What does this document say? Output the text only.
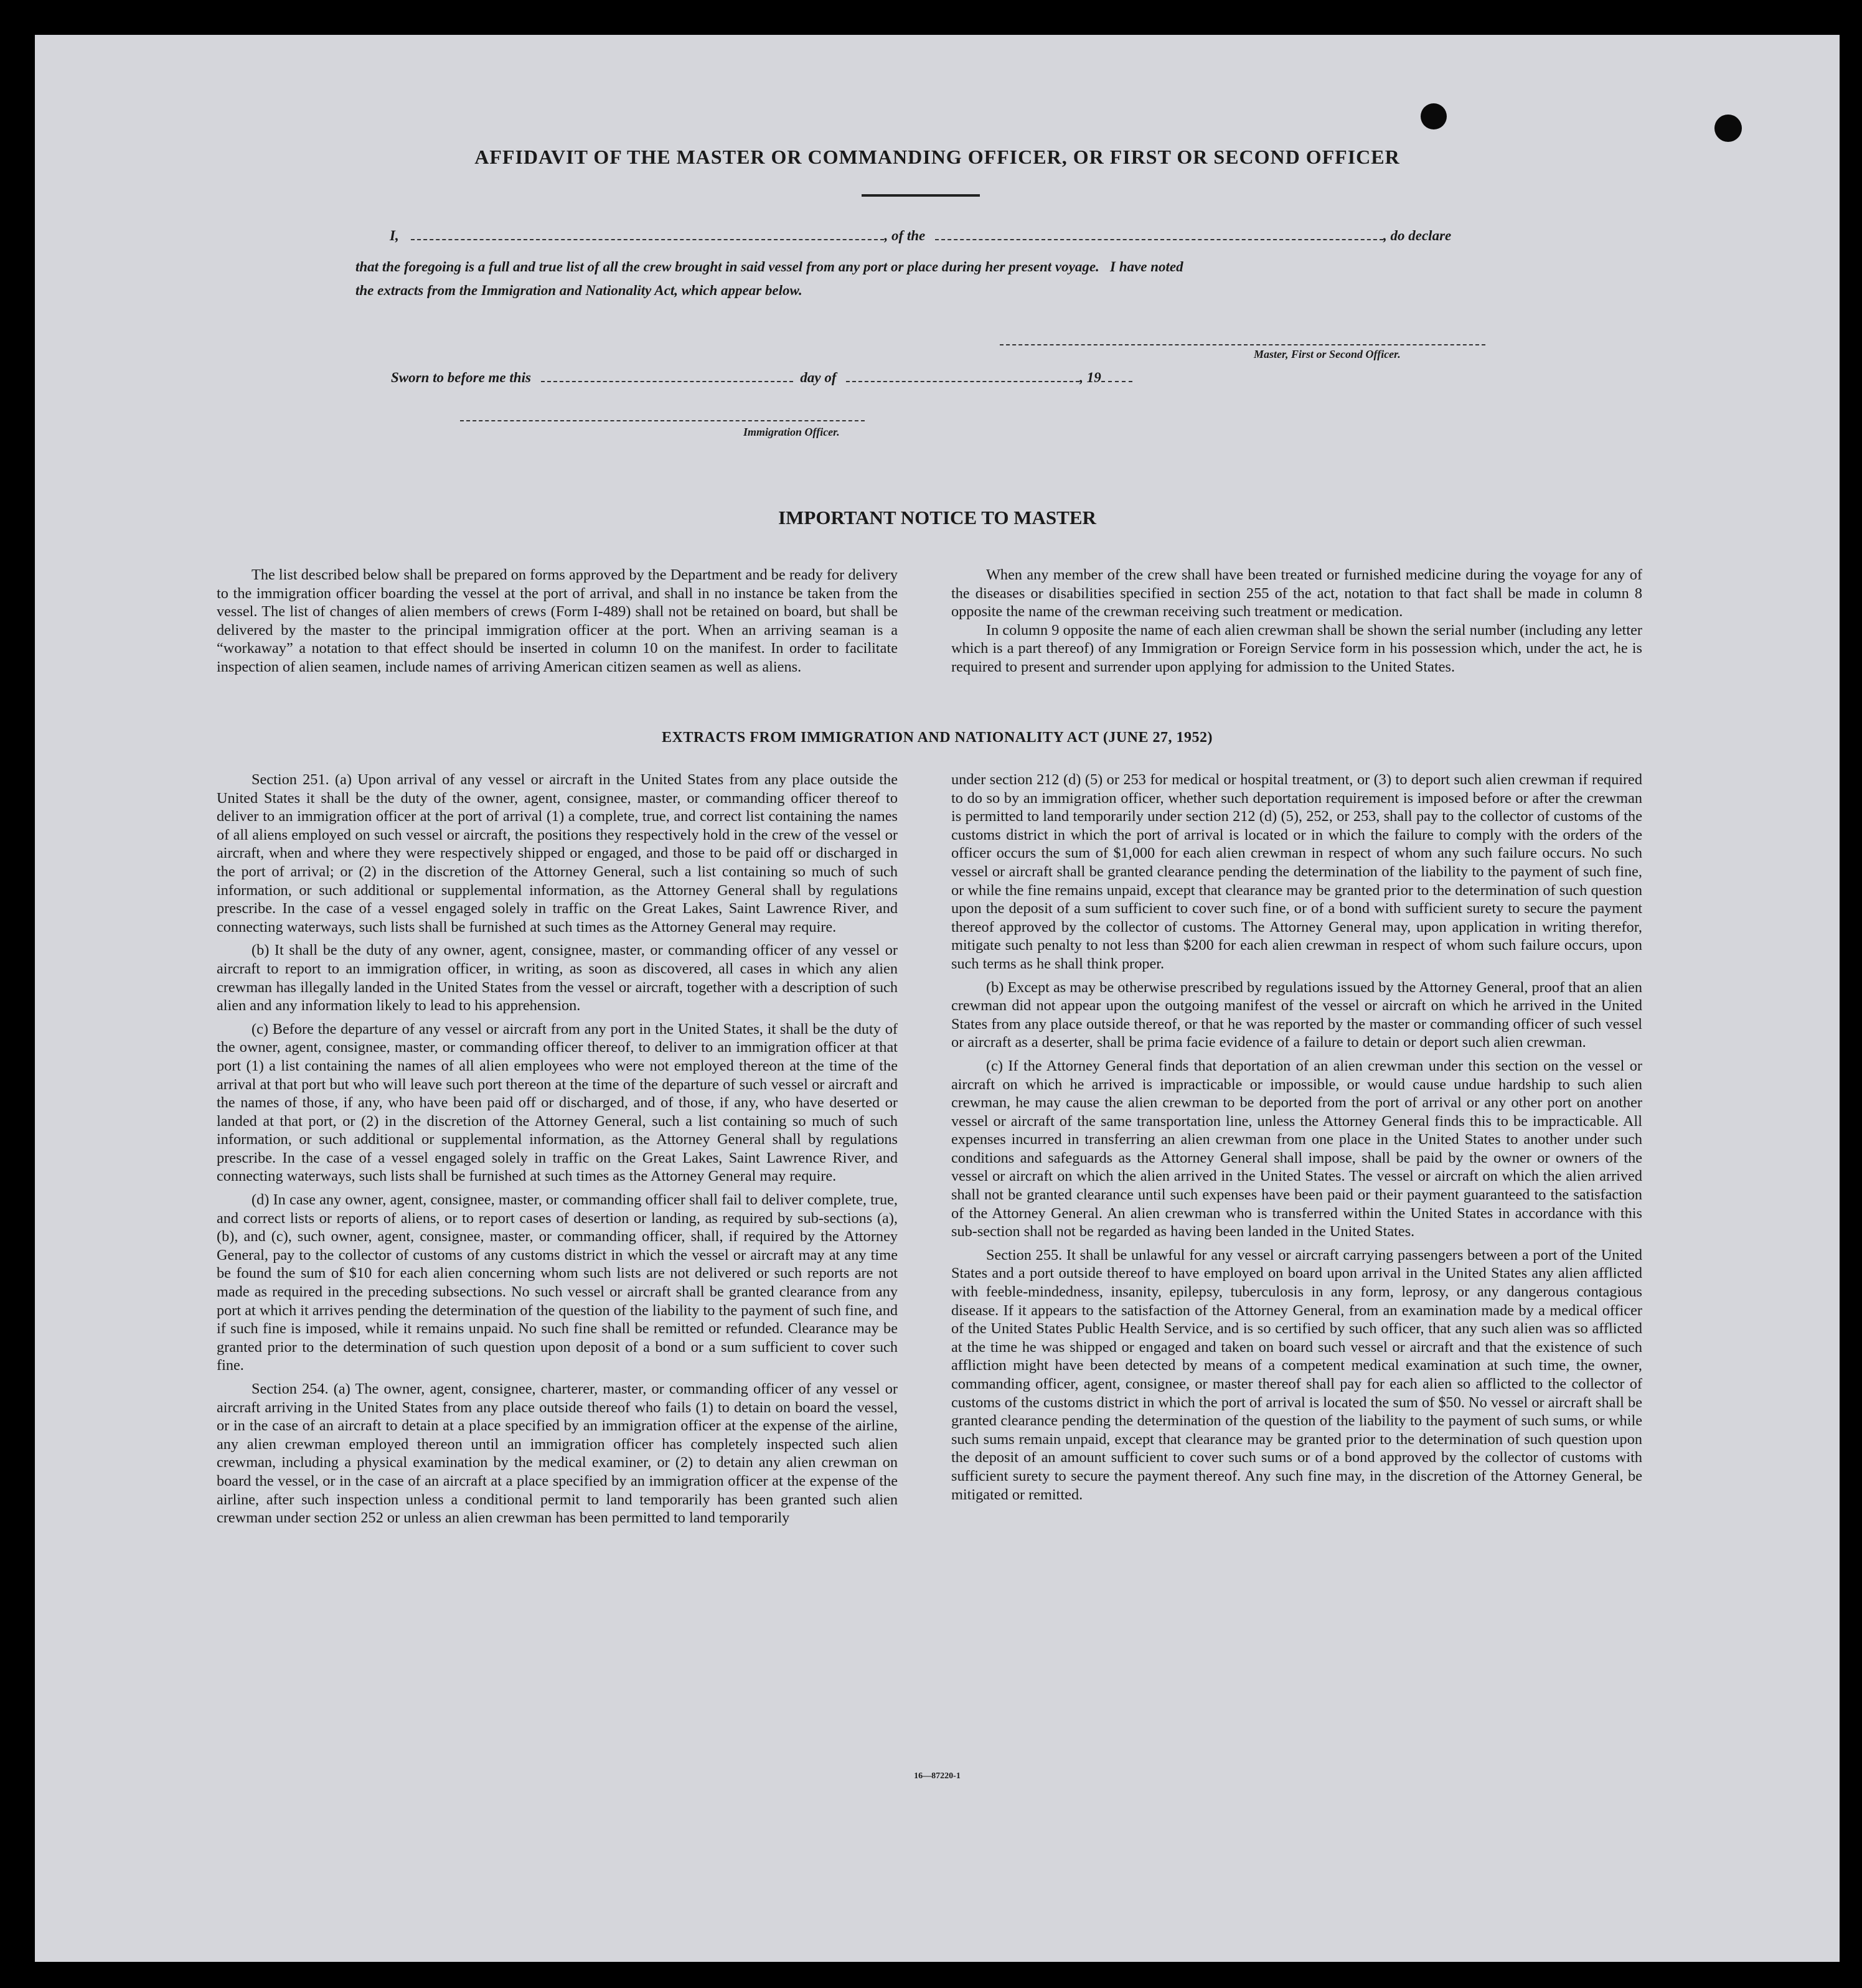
AFFIDAVIT OF THE MASTER OR COMMANDING OFFICER, OR FIRST OR SECOND OFFICER
I,	, of the	, do declare
that the foregoing is a full and true list of all the crew brought in said vessel from any port or place during her present voyage.   I have noted
the extracts from the Immigration and Nationality Act, which appear below.
Master, First or Second Officer.
Sworn to before me this	day of	, 19
Immigration Officer.
IMPORTANT NOTICE TO MASTER

The list described below shall be prepared on forms approved by the Department and be ready for delivery to the immigration officer boarding the vessel at the port of arrival, and shall in no instance be taken from the vessel. The list of changes of alien members of crews (Form I-489) shall not be retained on board, but shall be delivered by the master to the principal immigration officer at the port. When an arriving seaman is a “workaway” a notation to that effect should be inserted in column 10 on the manifest. In order to facilitate inspection of alien seamen, include names of arriving American citizen seamen as well as aliens.

When any member of the crew shall have been treated or furnished medicine during the voyage for any of the diseases or disabilities specified in section 255 of the act, notation to that fact shall be made in column 8 opposite the name of the crewman receiving such treatment or medication.

In column 9 opposite the name of each alien crewman shall be shown the serial number (including any letter which is a part thereof) of any Immigration or Foreign Service form in his possession which, under the act, he is required to present and surrender upon applying for admission to the United States.

EXTRACTS FROM IMMIGRATION AND NATIONALITY ACT (JUNE 27, 1952)

Section 251. (a) Upon arrival of any vessel or aircraft in the United States from any place outside the United States it shall be the duty of the owner, agent, consignee, master, or commanding officer thereof to deliver to an immigration officer at the port of arrival (1) a complete, true, and correct list containing the names of all aliens employed on such vessel or aircraft, the positions they respectively hold in the crew of the vessel or aircraft, when and where they were respectively shipped or engaged, and those to be paid off or discharged in the port of arrival; or (2) in the discretion of the Attorney General, such a list containing so much of such information, or such additional or supplemental information, as the Attorney General shall by regulations prescribe. In the case of a vessel engaged solely in traffic on the Great Lakes, Saint Lawrence River, and connecting waterways, such lists shall be furnished at such times as the Attorney General may require.

(b) It shall be the duty of any owner, agent, consignee, master, or commanding officer of any vessel or aircraft to report to an immigration officer, in writing, as soon as discovered, all cases in which any alien crewman has illegally landed in the United States from the vessel or aircraft, together with a description of such alien and any information likely to lead to his apprehension.

(c) Before the departure of any vessel or aircraft from any port in the United States, it shall be the duty of the owner, agent, consignee, master, or commanding officer thereof, to deliver to an immigration officer at that port (1) a list containing the names of all alien employees who were not employed thereon at the time of the arrival at that port but who will leave such port thereon at the time of the departure of such vessel or aircraft and the names of those, if any, who have been paid off or discharged, and of those, if any, who have deserted or landed at that port, or (2) in the discretion of the Attorney General, such a list containing so much of such information, or such additional or supplemental information, as the Attorney General shall by regulations prescribe. In the case of a vessel engaged solely in traffic on the Great Lakes, Saint Lawrence River, and connecting waterways, such lists shall be furnished at such times as the Attorney General may require.

(d) In case any owner, agent, consignee, master, or commanding officer shall fail to deliver complete, true, and correct lists or reports of aliens, or to report cases of desertion or landing, as required by sub-sections (a), (b), and (c), such owner, agent, consignee, master, or commanding officer, shall, if required by the Attorney General, pay to the collector of customs of any customs district in which the vessel or aircraft may at any time be found the sum of $10 for each alien concerning whom such lists are not delivered or such reports are not made as required in the preceding subsections. No such vessel or aircraft shall be granted clearance from any port at which it arrives pending the determination of the question of the liability to the payment of such fine, and if such fine is imposed, while it remains unpaid. No such fine shall be remitted or refunded. Clearance may be granted prior to the determination of such question upon deposit of a bond or a sum sufficient to cover such fine.

Section 254. (a) The owner, agent, consignee, charterer, master, or commanding officer of any vessel or aircraft arriving in the United States from any place outside thereof who fails (1) to detain on board the vessel, or in the case of an aircraft to detain at a place specified by an immigration officer at the expense of the airline, any alien crewman employed thereon until an immigration officer has completely inspected such alien crewman, including a physical examination by the medical examiner, or (2) to detain any alien crewman on board the vessel, or in the case of an aircraft at a place specified by an immigration officer at the expense of the airline, after such inspection unless a conditional permit to land temporarily has been granted such alien crewman under section 252 or unless an alien crewman has been permitted to land temporarily

under section 212 (d) (5) or 253 for medical or hospital treatment, or (3) to deport such alien crewman if required to do so by an immigration officer, whether such deportation requirement is imposed before or after the crewman is permitted to land temporarily under section 212 (d) (5), 252, or 253, shall pay to the collector of customs of the customs district in which the port of arrival is located or in which the failure to comply with the orders of the officer occurs the sum of $1,000 for each alien crewman in respect of whom any such failure occurs. No such vessel or aircraft shall be granted clearance pending the determination of the liability to the payment of such fine, or while the fine remains unpaid, except that clearance may be granted prior to the determination of such question upon the deposit of a sum sufficient to cover such fine, or of a bond with sufficient surety to secure the payment thereof approved by the collector of customs. The Attorney General may, upon application in writing therefor, mitigate such penalty to not less than $200 for each alien crewman in respect of whom such failure occurs, upon such terms as he shall think proper.

(b) Except as may be otherwise prescribed by regulations issued by the Attorney General, proof that an alien crewman did not appear upon the outgoing manifest of the vessel or aircraft on which he arrived in the United States from any place outside thereof, or that he was reported by the master or commanding officer of such vessel or aircraft as a deserter, shall be prima facie evidence of a failure to detain or deport such alien crewman.

(c) If the Attorney General finds that deportation of an alien crewman under this section on the vessel or aircraft on which he arrived is impracticable or impossible, or would cause undue hardship to such alien crewman, he may cause the alien crewman to be deported from the port of arrival or any other port on another vessel or aircraft of the same transportation line, unless the Attorney General finds this to be impracticable. All expenses incurred in transferring an alien crewman from one place in the United States to another under such conditions and safeguards as the Attorney General shall impose, shall be paid by the owner or owners of the vessel or aircraft on which the alien arrived in the United States. The vessel or aircraft on which the alien arrived shall not be granted clearance until such expenses have been paid or their payment guaranteed to the satisfaction of the Attorney General. An alien crewman who is transferred within the United States in accordance with this sub-section shall not be regarded as having been landed in the United States.

Section 255. It shall be unlawful for any vessel or aircraft carrying passengers between a port of the United States and a port outside thereof to have employed on board upon arrival in the United States any alien afflicted with feeble-mindedness, insanity, epilepsy, tuberculosis in any form, leprosy, or any dangerous contagious disease. If it appears to the satisfaction of the Attorney General, from an examination made by a medical officer of the United States Public Health Service, and is so certified by such officer, that any such alien was so afflicted at the time he was shipped or engaged and taken on board such vessel or aircraft and that the existence of such affliction might have been detected by means of a competent medical examination at such time, the owner, commanding officer, agent, consignee, or master thereof shall pay for each alien so afflicted to the collector of customs of the customs district in which the port of arrival is located the sum of $50. No vessel or aircraft shall be granted clearance pending the determination of the question of the liability to the payment of such sums, or while such sums remain unpaid, except that clearance may be granted prior to the determination of such question upon the deposit of an amount sufficient to cover such sums or of a bond approved by the collector of customs with sufficient surety to secure the payment thereof. Any such fine may, in the discretion of the Attorney General, be mitigated or remitted.

16—87220-1
